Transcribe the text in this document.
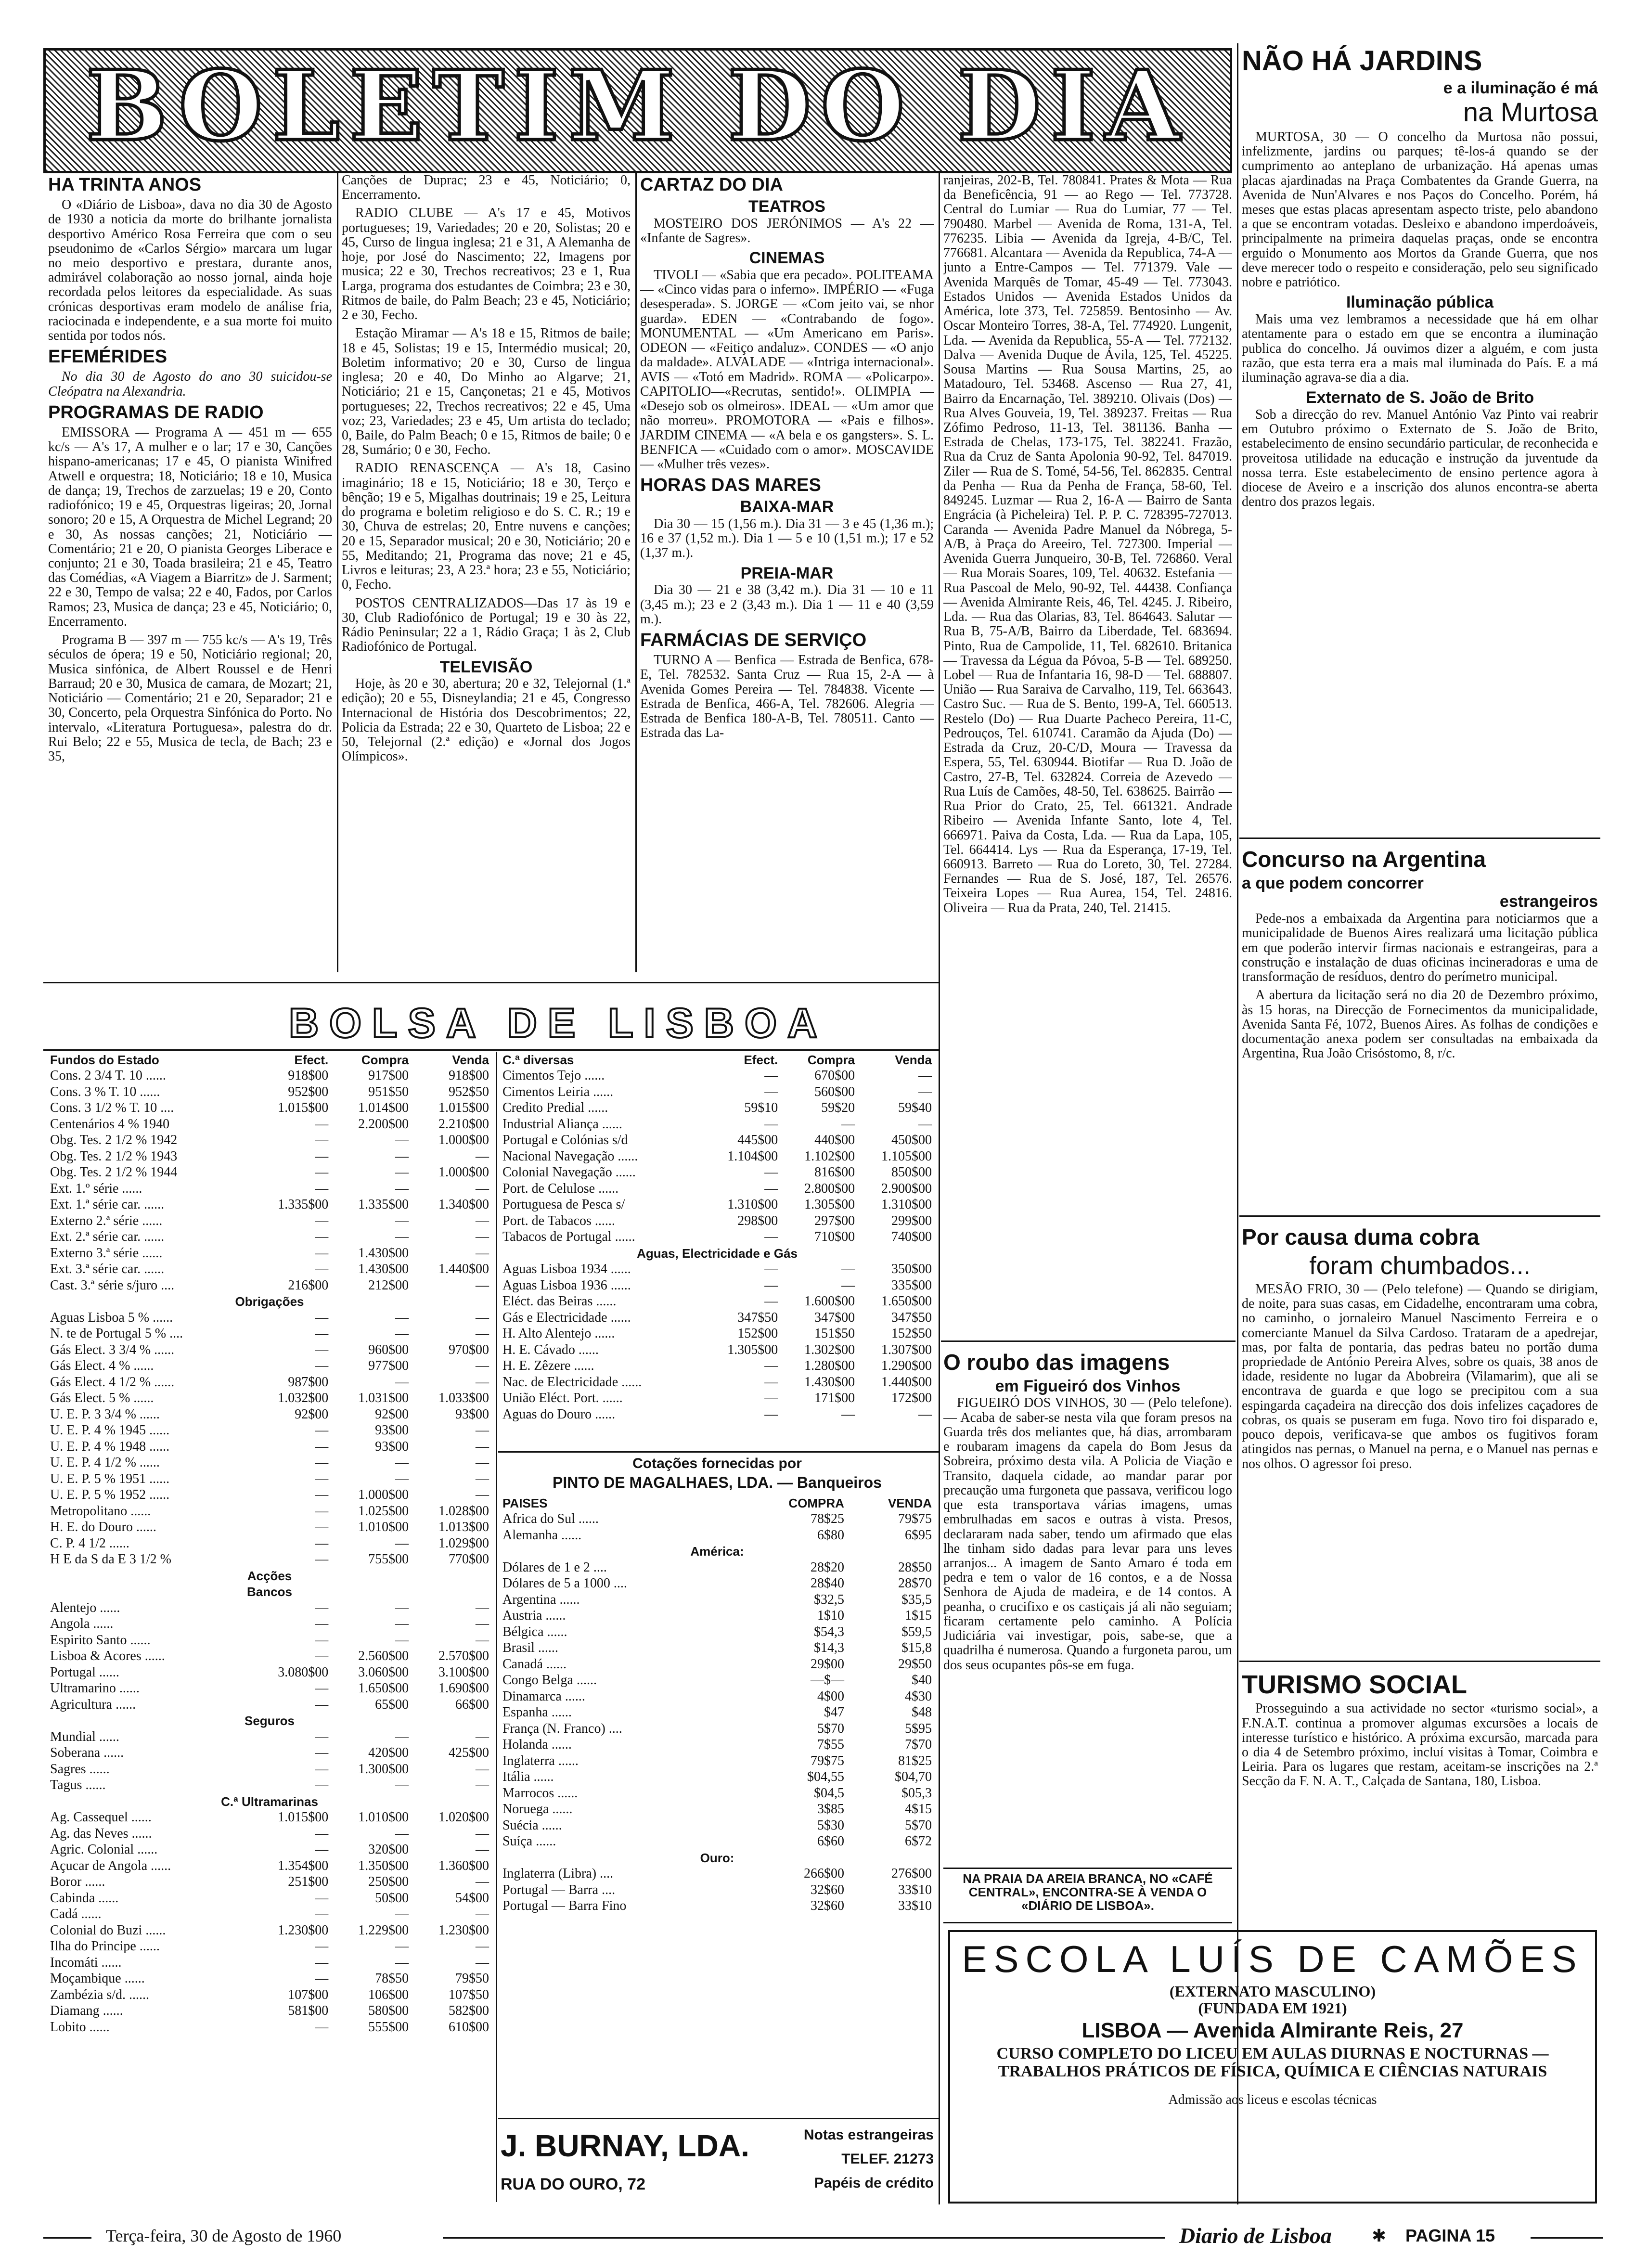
BOLETIM DO DIA
HA TRINTA ANOS

O «Diário de Lisboa», dava no dia 30 de Agosto de 1930 a noticia da morte do brilhante jornalista desportivo Américo Rosa Ferreira que com o seu pseudonimo de «Carlos Sérgio» marcara um lugar no meio desportivo e prestara, durante anos, admirável colaboração ao nosso jornal, ainda hoje recordada pelos leitores da especialidade. As suas crónicas desportivas eram modelo de análise fria, raciocinada e independente, e a sua morte foi muito sentida por todos nós.

EFEMÉRIDES

No dia 30 de Agosto do ano 30 suicidou-se Cleópatra na Alexandria.

PROGRAMAS DE RADIO

EMISSORA — Programa A — 451 m — 655 kc/s — A's 17, A mulher e o lar; 17 e 30, Canções hispano-americanas; 17 e 45, O pianista Winifred Atwell e orquestra; 18, Noticiário; 18 e 10, Musica de dança; 19, Trechos de zarzuelas; 19 e 20, Conto radiofónico; 19 e 45, Orquestras ligeiras; 20, Jornal sonoro; 20 e 15, A Orquestra de Michel Legrand; 20 e 30, As nossas canções; 21, Noticiário — Comentário; 21 e 20, O pianista Georges Liberace e conjunto; 21 e 30, Toada brasileira; 21 e 45, Teatro das Comédias, «A Viagem a Biarritz» de J. Sarment; 22 e 30, Tempo de valsa; 22 e 40, Fados, por Carlos Ramos; 23, Musica de dança; 23 e 45, Noticiário; 0, Encerramento.

Programa B — 397 m — 755 kc/s — A's 19, Três séculos de ópera; 19 e 50, Noticiário regional; 20, Musica sinfónica, de Albert Roussel e de Henri Barraud; 20 e 30, Musica de camara, de Mozart; 21, Noticiário — Comentário; 21 e 20, Separador; 21 e 30, Concerto, pela Orquestra Sinfónica do Porto. No intervalo, «Literatura Portuguesa», palestra do dr. Rui Belo; 22 e 55, Musica de tecla, de Bach; 23 e 35,

Canções de Duprac; 23 e 45, Noticiário; 0, Encerramento.

RADIO CLUBE — A's 17 e 45, Motivos portugueses; 19, Variedades; 20 e 20, Solistas; 20 e 45, Curso de lingua inglesa; 21 e 31, A Alemanha de hoje, por José do Nascimento; 22, Imagens por musica; 22 e 30, Trechos recreativos; 23 e 1, Rua Larga, programa dos estudantes de Coimbra; 23 e 30, Ritmos de baile, do Palm Beach; 23 e 45, Noticiário; 2 e 30, Fecho.

Estação Miramar — A's 18 e 15, Ritmos de baile; 18 e 45, Solistas; 19 e 15, Intermédio musical; 20, Boletim informativo; 20 e 30, Curso de lingua inglesa; 20 e 40, Do Minho ao Algarve; 21, Noticiário; 21 e 15, Cançonetas; 21 e 45, Motivos portugueses; 22, Trechos recreativos; 22 e 45, Uma voz; 23, Variedades; 23 e 45, Um artista do teclado; 0, Baile, do Palm Beach; 0 e 15, Ritmos de baile; 0 e 28, Sumário; 0 e 30, Fecho.

RADIO RENASCENÇA — A's 18, Casino imaginário; 18 e 15, Noticiário; 18 e 30, Terço e bênção; 19 e 5, Migalhas doutrinais; 19 e 25, Leitura do programa e boletim religioso e do S. C. R.; 19 e 30, Chuva de estrelas; 20, Entre nuvens e canções; 20 e 15, Separador musical; 20 e 30, Noticiário; 20 e 55, Meditando; 21, Programa das nove; 21 e 45, Livros e leituras; 23, A 23.ª hora; 23 e 55, Noticiário; 0, Fecho.

POSTOS CENTRALIZADOS—Das 17 às 19 e 30, Club Radiofónico de Portugal; 19 e 30 às 22, Rádio Peninsular; 22 a 1, Rádio Graça; 1 às 2, Club Radiofónico de Portugal.

TELEVISÃO

Hoje, às 20 e 30, abertura; 20 e 32, Telejornal (1.ª edição); 20 e 55, Disneylandia; 21 e 45, Congresso Internacional de História dos Descobrimentos; 22, Policia da Estrada; 22 e 30, Quarteto de Lisboa; 22 e 50, Telejornal (2.ª edição) e «Jornal dos Jogos Olímpicos».

CARTAZ DO DIA
TEATROS

MOSTEIRO DOS JERÓNIMOS — A's 22 — «Infante de Sagres».

CINEMAS

TIVOLI — «Sabia que era pecado». POLITEAMA — «Cinco vidas para o inferno». IMPÉRIO — «Fuga desesperada». S. JORGE — «Com jeito vai, se nhor guarda». EDEN — «Contrabando de fogo». MONUMENTAL — «Um Americano em Paris». ODEON — «Feitiço andaluz». CONDES — «O anjo da maldade». ALVALADE — «Intriga internacional». AVIS — «Totó em Madrid». ROMA — «Policarpo». CAPITOLIO—«Recrutas, sentido!». OLIMPIA — «Desejo sob os olmeiros». IDEAL — «Um amor que não morreu». PROMOTORA — «Pais e filhos». JARDIM CINEMA — «A bela e os gangsters». S. L. BENFICA — «Cuidado com o amor». MOSCAVIDE — «Mulher três vezes».

HORAS DAS MARES
BAIXA-MAR

Dia 30 — 15 (1,56 m.). Dia 31 — 3 e 45 (1,36 m.); 16 e 37 (1,52 m.). Dia 1 — 5 e 10 (1,51 m.); 17 e 52 (1,37 m.).

PREIA-MAR

Dia 30 — 21 e 38 (3,42 m.). Dia 31 — 10 e 11 (3,45 m.); 23 e 2 (3,43 m.). Dia 1 — 11 e 40 (3,59 m.).

FARMÁCIAS DE SERVIÇO

TURNO A — Benfica — Estrada de Benfica, 678-E, Tel. 782532. Santa Cruz — Rua 15, 2-A — à Avenida Gomes Pereira — Tel. 784838. Vicente — Estrada de Benfica, 466-A, Tel. 782606. Alegria — Estrada de Benfica 180-A-B, Tel. 780511. Canto — Estrada das La-

ranjeiras, 202-B, Tel. 780841. Prates & Mota — Rua da Beneficência, 91 — ao Rego — Tel. 773728. Central do Lumiar — Rua do Lumiar, 77 — Tel. 790480. Marbel — Avenida de Roma, 131-A, Tel. 776235. Libia — Avenida da Igreja, 4-B/C, Tel. 776681. Alcantara — Avenida da Republica, 74-A — junto a Entre-Campos — Tel. 771379. Vale — Avenida Marquês de Tomar, 45-49 — Tel. 773043. Estados Unidos — Avenida Estados Unidos da América, lote 373, Tel. 725859. Bentosinho — Av. Oscar Monteiro Torres, 38-A, Tel. 774920. Lungenit, Lda. — Avenida da Republica, 55-A — Tel. 772132. Dalva — Avenida Duque de Ávila, 125, Tel. 45225. Sousa Martins — Rua Sousa Martins, 25, ao Matadouro, Tel. 53468. Ascenso — Rua 27, 41, Bairro da Encarnação, Tel. 389210. Olivais (Dos) — Rua Alves Gouveia, 19, Tel. 389237. Freitas — Rua Zófimo Pedroso, 11-13, Tel. 381136. Banha — Estrada de Chelas, 173-175, Tel. 382241. Frazão, Rua da Cruz de Santa Apolonia 90-92, Tel. 847019. Ziler — Rua de S. Tomé, 54-56, Tel. 862835. Central da Penha — Rua da Penha de França, 58-60, Tel. 849245. Luzmar — Rua 2, 16-A — Bairro de Santa Engrácia (à Picheleira) Tel. P. P. C. 728395-727013. Caranda — Avenida Padre Manuel da Nóbrega, 5-A/B, à Praça do Areeiro, Tel. 727300. Imperial — Avenida Guerra Junqueiro, 30-B, Tel. 726860. Veral — Rua Morais Soares, 109, Tel. 40632. Estefania — Rua Pascoal de Melo, 90-92, Tel. 44438. Confiança — Avenida Almirante Reis, 46, Tel. 4245. J. Ribeiro, Lda. — Rua das Olarias, 83, Tel. 864643. Salutar — Rua B, 75-A/B, Bairro da Liberdade, Tel. 683694. Pinto, Rua de Campolide, 11, Tel. 682610. Britanica — Travessa da Légua da Póvoa, 5-B — Tel. 689250. Lobel — Rua de Infantaria 16, 98-D — Tel. 688807. União — Rua Saraiva de Carvalho, 119, Tel. 663643. Castro Suc. — Rua de S. Bento, 199-A, Tel. 660513. Restelo (Do) — Rua Duarte Pacheco Pereira, 11-C, Pedrouços, Tel. 610741. Caramão da Ajuda (Do) — Estrada da Cruz, 20-C/D, Moura — Travessa da Espera, 55, Tel. 630944. Biotifar — Rua D. João de Castro, 27-B, Tel. 632824. Correia de Azevedo — Rua Luís de Camões, 48-50, Tel. 638625. Bairrão — Rua Prior do Crato, 25, Tel. 661321. Andrade Ribeiro — Avenida Infante Santo, lote 4, Tel. 666971. Paiva da Costa, Lda. — Rua da Lapa, 105, Tel. 664414. Lys — Rua da Esperança, 17-19, Tel. 660913. Barreto — Rua do Loreto, 30, Tel. 27284. Fernandes — Rua de S. José, 187, Tel. 26576. Teixeira Lopes — Rua Aurea, 154, Tel. 24816. Oliveira — Rua da Prata, 240, Tel. 21415.

O roubo das imagens
em Figueiró dos Vinhos

FIGUEIRÓ DOS VINHOS, 30 — (Pelo telefone). — Acaba de saber-se nesta vila que foram presos na Guarda três dos meliantes que, há dias, arrombaram e roubaram imagens da capela do Bom Jesus da Sobreira, próximo desta vila. A Policia de Viação e Transito, daquela cidade, ao mandar parar por precaução uma furgoneta que passava, verificou logo que esta transportava várias imagens, umas embrulhadas em sacos e outras à vista. Presos, declararam nada saber, tendo um afirmado que elas lhe tinham sido dadas para levar para uns leves arranjos... A imagem de Santo Amaro é toda em pedra e tem o valor de 16 contos, e a de Nossa Senhora de Ajuda de madeira, e de 14 contos. A peanha, o crucifixo e os castiçais já ali não seguiam; ficaram certamente pelo caminho. A Polícia Judiciária vai investigar, pois, sabe-se, que a quadrilha é numerosa. Quando a furgoneta parou, um dos seus ocupantes pôs-se em fuga.

NA PRAIA DA AREIA BRANCA, NO «CAFÉ CENTRAL», ENCONTRA-SE À VENDA O «DIÁRIO DE LISBOA».
NÃO HÁ JARDINS
e a iluminação é má
na Murtosa

MURTOSA, 30 — O concelho da Murtosa não possui, infelizmente, jardins ou parques; tê-los-á quando se der cumprimento ao anteplano de urbanização. Há apenas umas placas ajardinadas na Praça Combatentes da Grande Guerra, na Avenida de Nun'Alvares e nos Paços do Concelho. Porém, há meses que estas placas apresentam aspecto triste, pelo abandono a que se encontram votadas. Desleixo e abandono imperdoáveis, principalmente na primeira daquelas praças, onde se encontra erguido o Monumento aos Mortos da Grande Guerra, que nos deve merecer todo o respeito e consideração, pelo seu significado nobre e patriótico.

Iluminação pública

Mais uma vez lembramos a necessidade que há em olhar atentamente para o estado em que se encontra a iluminação publica do concelho. Já ouvimos dizer a alguém, e com justa razão, que esta terra era a mais mal iluminada do País. E a má iluminação agrava-se dia a dia.

Externato de S. João de Brito

Sob a direcção do rev. Manuel António Vaz Pinto vai reabrir em Outubro próximo o Externato de S. João de Brito, estabelecimento de ensino secundário particular, de reconhecida e proveitosa utilidade na educação e instrução da juventude da nossa terra. Este estabelecimento de ensino pertence agora à diocese de Aveiro e a inscrição dos alunos encontra-se aberta dentro dos prazos legais.

Concurso na Argentina
a que podem concorrer
estrangeiros

Pede-nos a embaixada da Argentina para noticiarmos que a municipalidade de Buenos Aires realizará uma licitação pública em que poderão intervir firmas nacionais e estrangeiras, para a construção e instalação de duas oficinas incineradoras e uma de transformação de resíduos, dentro do perímetro municipal.

A abertura da licitação será no dia 20 de Dezembro próximo, às 15 horas, na Direcção de Fornecimentos da municipalidade, Avenida Santa Fé, 1072, Buenos Aires. As folhas de condições e documentação anexa podem ser consultadas na embaixada da Argentina, Rua João Crisóstomo, 8, r/c.

Por causa duma cobra
foram chumbados...

MESÃO FRIO, 30 — (Pelo telefone) — Quando se dirigiam, de noite, para suas casas, em Cidadelhe, encontraram uma cobra, no caminho, o jornaleiro Manuel Nascimento Ferreira e o comerciante Manuel da Silva Cardoso. Trataram de a apedrejar, mas, por falta de pontaria, das pedras bateu no portão duma propriedade de António Pereira Alves, sobre os quais, 38 anos de idade, residente no lugar da Abobreira (Vilamarim), que ali se encontrava de guarda e que logo se precipitou com a sua espingarda caçadeira na direcção dos dois infelizes caçadores de cobras, os quais se puseram em fuga. Novo tiro foi disparado e, pouco depois, verificava-se que ambos os fugitivos foram atingidos nas pernas, o Manuel na perna, e o Manuel nas pernas e nos olhos. O agressor foi preso.

TURISMO SOCIAL

Prosseguindo a sua actividade no sector «turismo social», a F.N.A.T. continua a promover algumas excursões a locais de interesse turístico e histórico. A próxima excursão, marcada para o dia 4 de Setembro próximo, incluí visitas à Tomar, Coimbra e Leiria. Para os lugares que restam, aceitam-se inscrições na 2.ª Secção da F. N. A. T., Calçada de Santana, 180, Lisboa.

ESCOLA LUÍS DE CAMÕES
(EXTERNATO MASCULINO)
(FUNDADA EM 1921)
LISBOA — Avenida Almirante Reis, 27
CURSO COMPLETO DO LICEU EM AULAS DIURNAS E NOCTURNAS — TRABALHOS PRÁTICOS DE FÍSICA, QUÍMICA E CIÊNCIAS NATURAIS
Admissão aos liceus e escolas técnicas
BOLSA DE LISBOA
Fundos do Estado	Efect.	Compra	Venda
Cons. 2 3/4 T. 10 ......	918$00	917$00	918$00
Cons. 3 % T. 10 ......	952$00	951$50	952$50
Cons. 3 1/2 % T. 10 ....	1.015$00	1.014$00	1.015$00
Centenários 4 % 1940	—	2.200$00	2.210$00
Obg. Tes. 2 1/2 % 1942	—	—	1.000$00
Obg. Tes. 2 1/2 % 1943	—	—	—
Obg. Tes. 2 1/2 % 1944	—	—	1.000$00
Ext. 1.º série ......	—	—	—
Ext. 1.ª série car. ......	1.335$00	1.335$00	1.340$00
Externo 2.ª série ......	—	—	—
Ext. 2.ª série car. ......	—	—	—
Externo 3.ª série ......	—	1.430$00	—
Ext. 3.ª série car. ......	—	1.430$00	1.440$00
Cast. 3.ª série s/juro ....	216$00	212$00	—
Obrigações			
Aguas Lisboa 5 % ......	—	—	—
N. te de Portugal 5 % ....	—	—	—
Gás Elect. 3 3/4 % ......	—	960$00	970$00
Gás Elect. 4 % ......	—	977$00	—
Gás Elect. 4 1/2 % ......	987$00	—	—
Gás Elect. 5 % ......	1.032$00	1.031$00	1.033$00
U. E. P. 3 3/4 % ......	92$00	92$00	93$00
U. E. P. 4 % 1945 ......	—	93$00	—
U. E. P. 4 % 1948 ......	—	93$00	—
U. E. P. 4 1/2 % ......	—	—	—
U. E. P. 5 % 1951 ......	—	—	—
U. E. P. 5 % 1952 ......	—	1.000$00	—
Metropolitano ......	—	1.025$00	1.028$00
H. E. do Douro ......	—	1.010$00	1.013$00
C. P. 4 1/2 ......	—	—	1.029$00
H E da S da E 3 1/2 %	—	755$00	770$00
Acções			
Bancos			
Alentejo ......	—	—	—
Angola ......	—	—	—
Espirito Santo ......	—	—	—
Lisboa & Acores ......	—	2.560$00	2.570$00
Portugal ......	3.080$00	3.060$00	3.100$00
Ultramarino ......	—	1.650$00	1.690$00
Agricultura ......	—	65$00	66$00
Seguros			
Mundial ......	—	—	—
Soberana ......	—	420$00	425$00
Sagres ......	—	1.300$00	—
Tagus ......	—	—	—
C.ª Ultramarinas			
Ag. Cassequel ......	1.015$00	1.010$00	1.020$00
Ag. das Neves ......	—	—	—
Agric. Colonial ......	—	320$00	—
Açucar de Angola ......	1.354$00	1.350$00	1.360$00
Boror ......	251$00	250$00	—
Cabinda ......	—	50$00	54$00
Cadá ......	—	—	—
Colonial do Buzi ......	1.230$00	1.229$00	1.230$00
Ilha do Principe ......	—	—	—
Incomáti ......	—	—	—
Moçambique ......	—	78$50	79$50
Zambézia s/d. ......	107$00	106$00	107$50
Diamang ......	581$00	580$00	582$00
Lobito ......	—	555$00	610$00
C.ª diversas	Efect.	Compra	Venda
Cimentos Tejo ......	—	670$00	—
Cimentos Leiria ......	—	560$00	—
Credito Predial ......	59$10	59$20	59$40
Industrial Aliança ......	—	—	—
Portugal e Colónias s/d	445$00	440$00	450$00
Nacional Navegação ......	1.104$00	1.102$00	1.105$00
Colonial Navegação ......	—	816$00	850$00
Port. de Celulose ......	—	2.800$00	2.900$00
Portuguesa de Pesca s/	1.310$00	1.305$00	1.310$00
Port. de Tabacos ......	298$00	297$00	299$00
Tabacos de Portugal ......	—	710$00	740$00
Aguas, Electricidade e Gás			
Aguas Lisboa 1934 ......	—	—	350$00
Aguas Lisboa 1936 ......	—	—	335$00
Eléct. das Beiras ......	—	1.600$00	1.650$00
Gás e Electricidade ......	347$50	347$00	347$50
H. Alto Alentejo ......	152$00	151$50	152$50
H. E. Cávado ......	1.305$00	1.302$00	1.307$00
H. E. Zêzere ......	—	1.280$00	1.290$00
Nac. de Electricidade ......	—	1.430$00	1.440$00
União Eléct. Port. ......	—	171$00	172$00
Aguas do Douro ......	—	—	—
Cotações fornecidas por
PINTO DE MAGALHAES, LDA. — Banqueiros
PAISES	COMPRA	VENDA
Africa do Sul ......	78$25	79$75
Alemanha ......	6$80	6$95
América:		
Dólares de 1 e 2 ....	28$20	28$50
Dólares de 5 a 1000 ....	28$40	28$70
Argentina ......	$32,5	$35,5
Austria ......	1$10	1$15
Bélgica ......	$54,3	$59,5
Brasil ......	$14,3	$15,8
Canadá ......	29$00	29$50
Congo Belga ......	—$—	$40
Dinamarca ......	4$00	4$30
Espanha ......	$47	$48
França (N. Franco) ....	5$70	5$95
Holanda ......	7$55	7$70
Inglaterra ......	79$75	81$25
Itália ......	$04,55	$04,70
Marrocos ......	$04,5	$05,3
Noruega ......	3$85	4$15
Suécia ......	5$30	5$70
Suíça ......	6$60	6$72
Ouro:		
Inglaterra (Libra) ....	266$00	276$00
Portugal — Barra ....	32$60	33$10
Portugal — Barra Fino	32$60	33$10
J. BURNAY, LDA.
RUA DO OURO, 72
Notas estrangeiras
TELEF. 21273
Papéis de crédito
Terça-feira, 30 de Agosto de 1960	Diario de Lisboa ✱ PAGINA 15
